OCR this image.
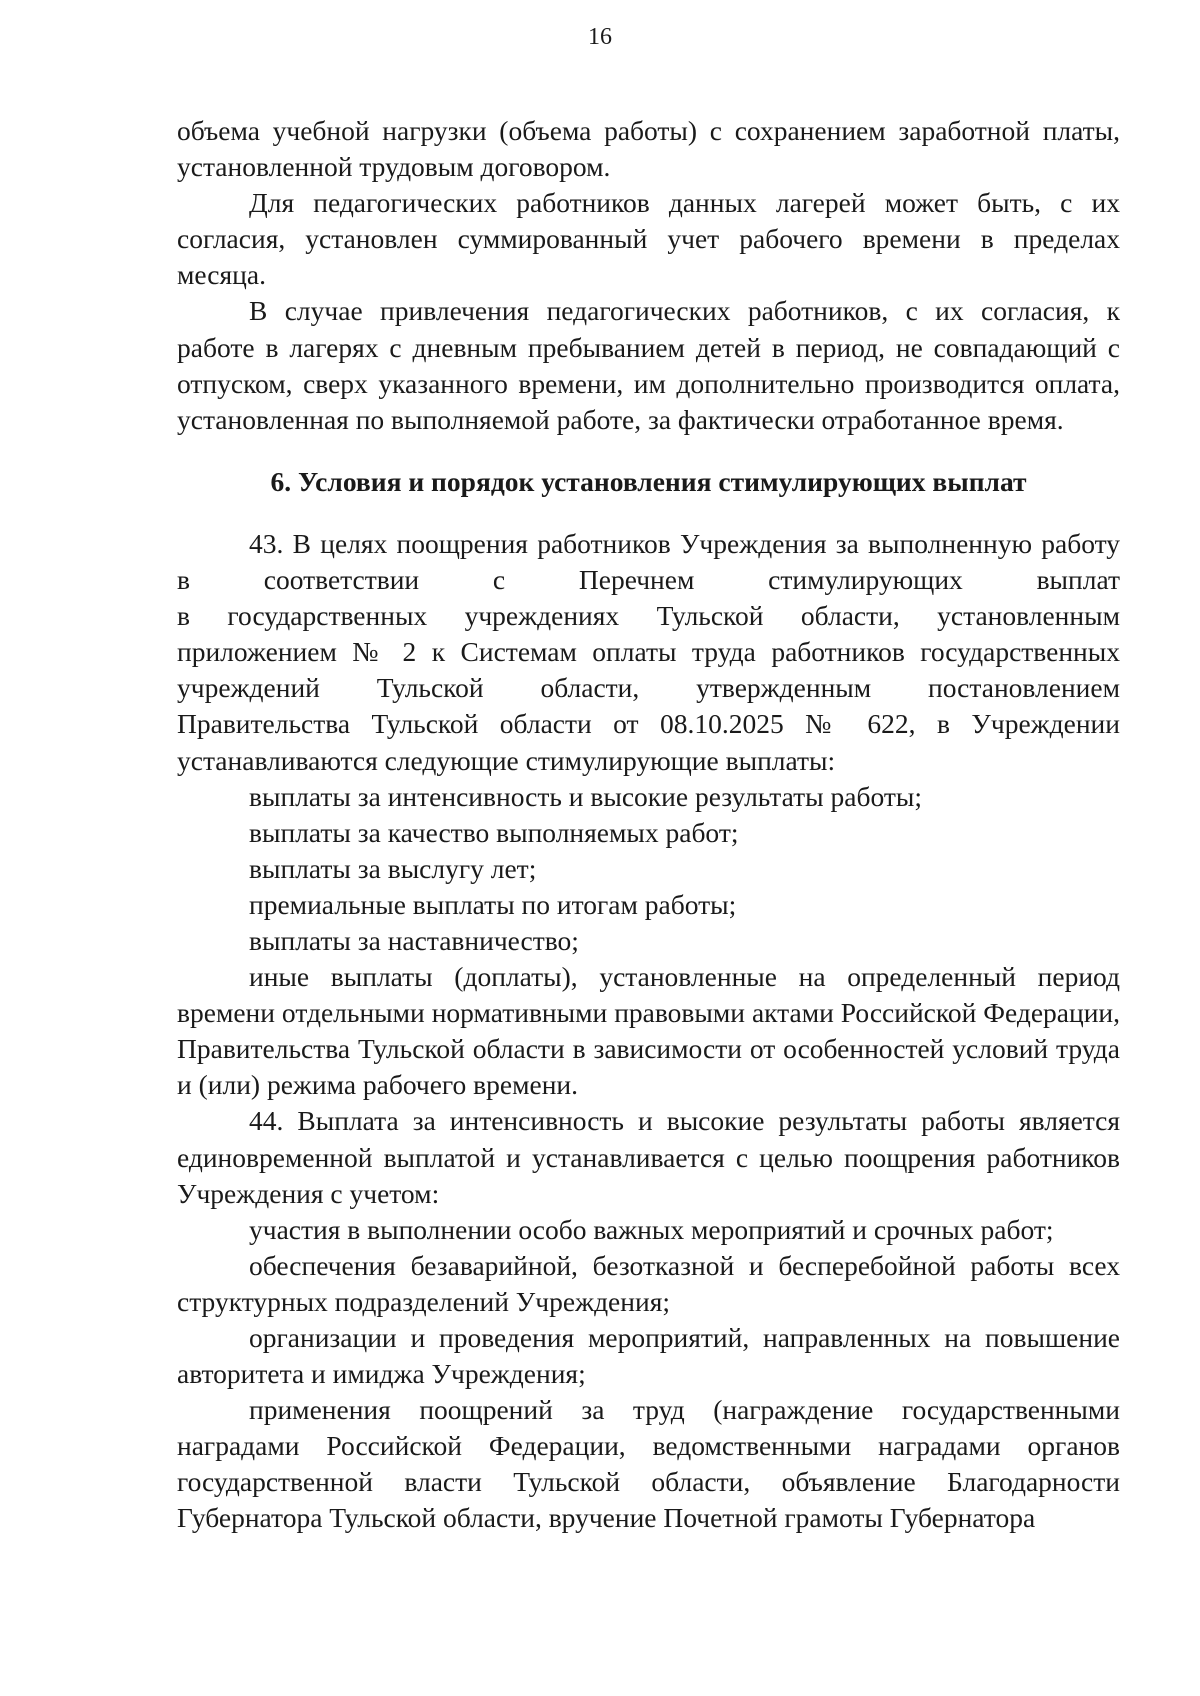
16

объема учебной нагрузки (объема работы) с сохранением заработной платы, установленной трудовым договором.

Для педагогических работников данных лагерей может быть, с их согласия, установлен суммированный учет рабочего времени в пределах месяца.

В случае привлечения педагогических работников, с их согласия, к работе в лагерях с дневным пребыванием детей в период, не совпадающий с отпуском, сверх указанного времени, им дополнительно производится оплата, установленная по выполняемой работе, за фактически отработанное время.

6. Условия и порядок установления стимулирующих выплат

43. В целях поощрения работников Учреждения за выполненную работу
в соответствии с Перечнем стимулирующих выплат
в государственных учреждениях Тульской области, установленным
приложением № 2 к Системам оплаты труда работников государственных
учреждений Тульской области, утвержденным постановлением
Правительства Тульской области от 08.10.2025 № 622, в Учреждении

устанавливаются следующие стимулирующие выплаты:

выплаты за интенсивность и высокие результаты работы;

выплаты за качество выполняемых работ;

выплаты за выслугу лет;

премиальные выплаты по итогам работы;

выплаты за наставничество;

иные выплаты (доплаты), установленные на определенный период времени отдельными нормативными правовыми актами Российской Федерации, Правительства Тульской области в зависимости от особенностей условий труда и (или) режима рабочего времени.

44. Выплата за интенсивность и высокие результаты работы является единовременной выплатой и устанавливается с целью поощрения работников Учреждения с учетом:

участия в выполнении особо важных мероприятий и срочных работ;

обеспечения безаварийной, безотказной и бесперебойной работы всех структурных подразделений Учреждения;

организации и проведения мероприятий, направленных на повышение авторитета и имиджа Учреждения;

применения поощрений за труд (награждение государственными наградами Российской Федерации, ведомственными наградами органов государственной власти Тульской области, объявление Благодарности Губернатора Тульской области, вручение Почетной грамоты Губернатора
